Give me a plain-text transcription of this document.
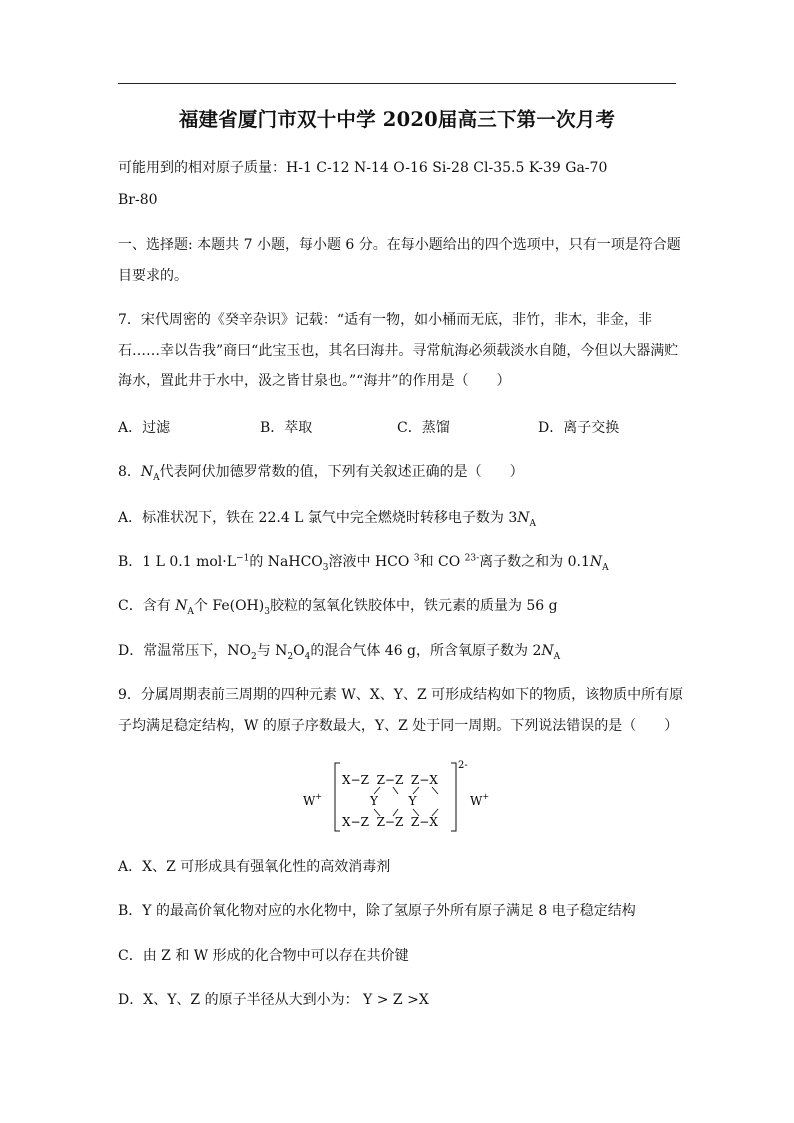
福建省厦门市双十中学 2020届高三下第一次月考
可能用到的相对原子质量：H-1 C-12 N-14 O-16 Si-28 Cl-35.5 K-39 Ga-70
Br-80
一、选择题: 本题共 7 小题，每小题 6 分。在每小题给出的四个选项中，只有一项是符合题
目要求的。
7．宋代周密的《癸辛杂识》记载：“适有一物，如小桶而无底，非竹，非木，非金，非
石……幸以告我”商曰“此宝玉也，其名曰海井。寻常航海必须载淡水自随，今但以大器满贮
海水，置此井于水中，汲之皆甘泉也。”“海井”的作用是（　　）
A．过滤	B．萃取	C．蒸馏	D．离子交换
8．$N_A$代表阿伏加德罗常数的值，下列有关叙述正确的是（　　）
A．标准状况下，铁在 22.4 L 氯气中完全燃烧时转移电子数为 $3N_A$
B．1 L 0.1 $mol\cdot L^{-1}$的 NaHCO$_3$溶液中 HCO $^3$和 CO $^{23-}$离子数之和为 $0.1N_A$
C．含有 $N_A$个 $Fe(OH)_3$胶粒的氢氧化铁胶体中，铁元素的质量为 56 g
D．常温常压下，$NO_2$与 $N_2O_4$的混合气体 46 g，所含氧原子数为 $2N_A$
9．分属周期表前三周期的四种元素 W、X、Y、Z 可形成结构如下的物质，该物质中所有原
子均满足稳定结构，W 的原子序数最大，Y、Z 处于同一周期。下列说法错误的是（　　）
W+
X−Z  Z−Z  Z−X
Y        Y
X−Z  Z−Z  Z−X
2-
W+
A．X、Z 可形成具有强氧化性的高效消毒剂
B．Y 的最高价氧化物对应的水化物中，除了氢原子外所有原子满足 8 电子稳定结构
C．由 Z 和 W 形成的化合物中可以存在共价键
D．X、Y、Z 的原子半径从大到小为： Y > Z >X
